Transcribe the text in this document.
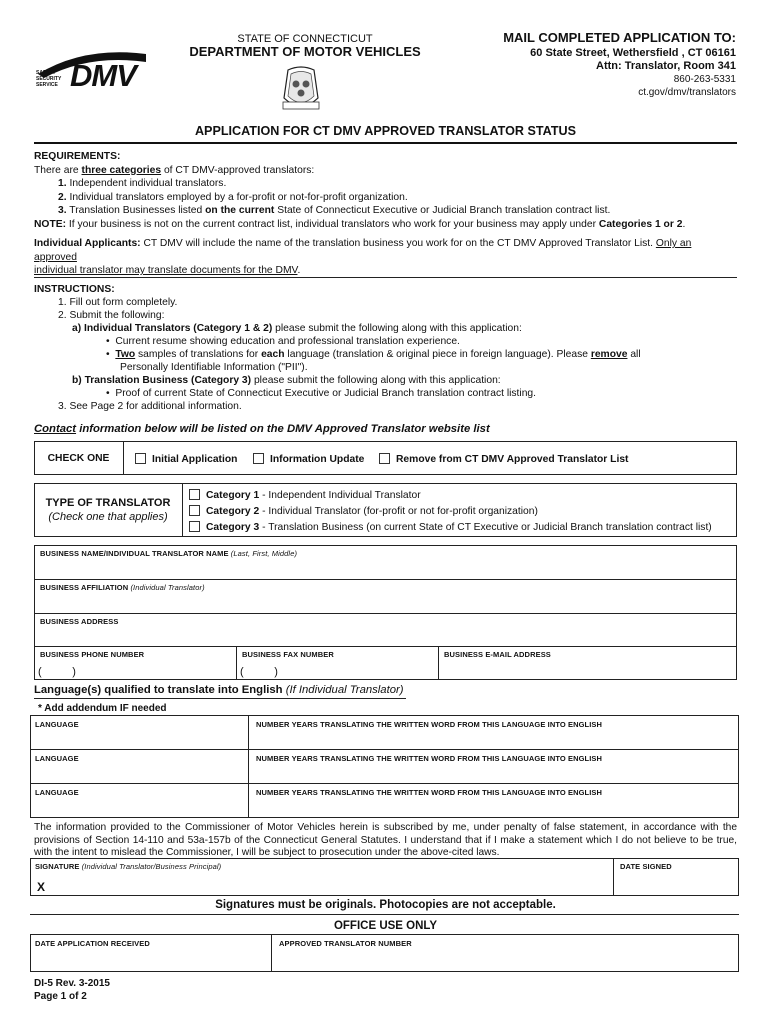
SAFETY
SECURITY
SERVICE DMV
STATE OF CONNECTICUT
DEPARTMENT OF MOTOR VEHICLES
MAIL COMPLETED APPLICATION TO:
60 State Street, Wethersfield , CT 06161
Attn: Translator, Room 341
860-263-5331
ct.gov/dmv/translators
APPLICATION FOR CT DMV APPROVED TRANSLATOR STATUS
REQUIREMENTS:
There are three categories of CT DMV-approved translators:
1. Independent individual translators.
2. Individual translators employed by a for-profit or not-for-profit organization.
3. Translation Businesses listed on the current State of Connecticut Executive or Judicial Branch translation contract list.
NOTE: If your business is not on the current contract list, individual translators who work for your business may apply under Categories 1 or 2.
Individual Applicants: CT DMV will include the name of the translation business you work for on the CT DMV Approved Translator List. Only an approved
individual translator may translate documents for the DMV.
INSTRUCTIONS:
1. Fill out form completely.
2. Submit the following:
a) Individual Translators (Category 1 & 2) please submit the following along with this application:
• Current resume showing education and professional translation experience.
• Two samples of translations for each language (translation & original piece in foreign language). Please remove all
Personally Identifiable Information ("PII").
b) Translation Business (Category 3) please submit the following along with this application:
• Proof of current State of Connecticut Executive or Judicial Branch translation contract listing.
3. See Page 2 for additional information.
Contact information below will be listed on the DMV Approved Translator website list
CHECK ONE	Initial Application	Information Update	Remove from CT DMV Approved Translator List
TYPE OF TRANSLATOR
(Check one that applies)
Category 1 - Independent Individual Translator
Category 2 - Individual Translator (for-profit or not for-profit organization)
Category 3 - Translation Business (on current State of CT Executive or Judicial Branch translation contract list)
BUSINESS NAME/INDIVIDUAL TRANSLATOR NAME (Last, First, Middle)
BUSINESS AFFILIATION (Individual Translator)
BUSINESS ADDRESS
BUSINESS PHONE NUMBER
(          )
BUSINESS FAX NUMBER
(          )
BUSINESS E-MAIL ADDRESS
Language(s) qualified to translate into English (If Individual Translator)
* Add addendum IF needed
LANGUAGE	NUMBER YEARS TRANSLATING THE WRITTEN WORD FROM THIS LANGUAGE INTO ENGLISH
LANGUAGE	NUMBER YEARS TRANSLATING THE WRITTEN WORD FROM THIS LANGUAGE INTO ENGLISH
LANGUAGE	NUMBER YEARS TRANSLATING THE WRITTEN WORD FROM THIS LANGUAGE INTO ENGLISH
The information provided to the Commissioner of Motor Vehicles herein is subscribed by me, under penalty of false statement, in accordance with the provisions of Section 14-110 and 53a-157b of the Connecticut General Statutes. I understand that if I make a statement which I do not believe to be true, with the intent to mislead the Commissioner, I will be subject to prosecution under the above-cited laws.
SIGNATURE (Individual Translator/Business Principal)
X
DATE SIGNED
Signatures must be originals. Photocopies are not acceptable.
OFFICE USE ONLY
DATE APPLICATION RECEIVED	APPROVED TRANSLATOR NUMBER
DI-5 Rev. 3-2015
Page 1 of 2
